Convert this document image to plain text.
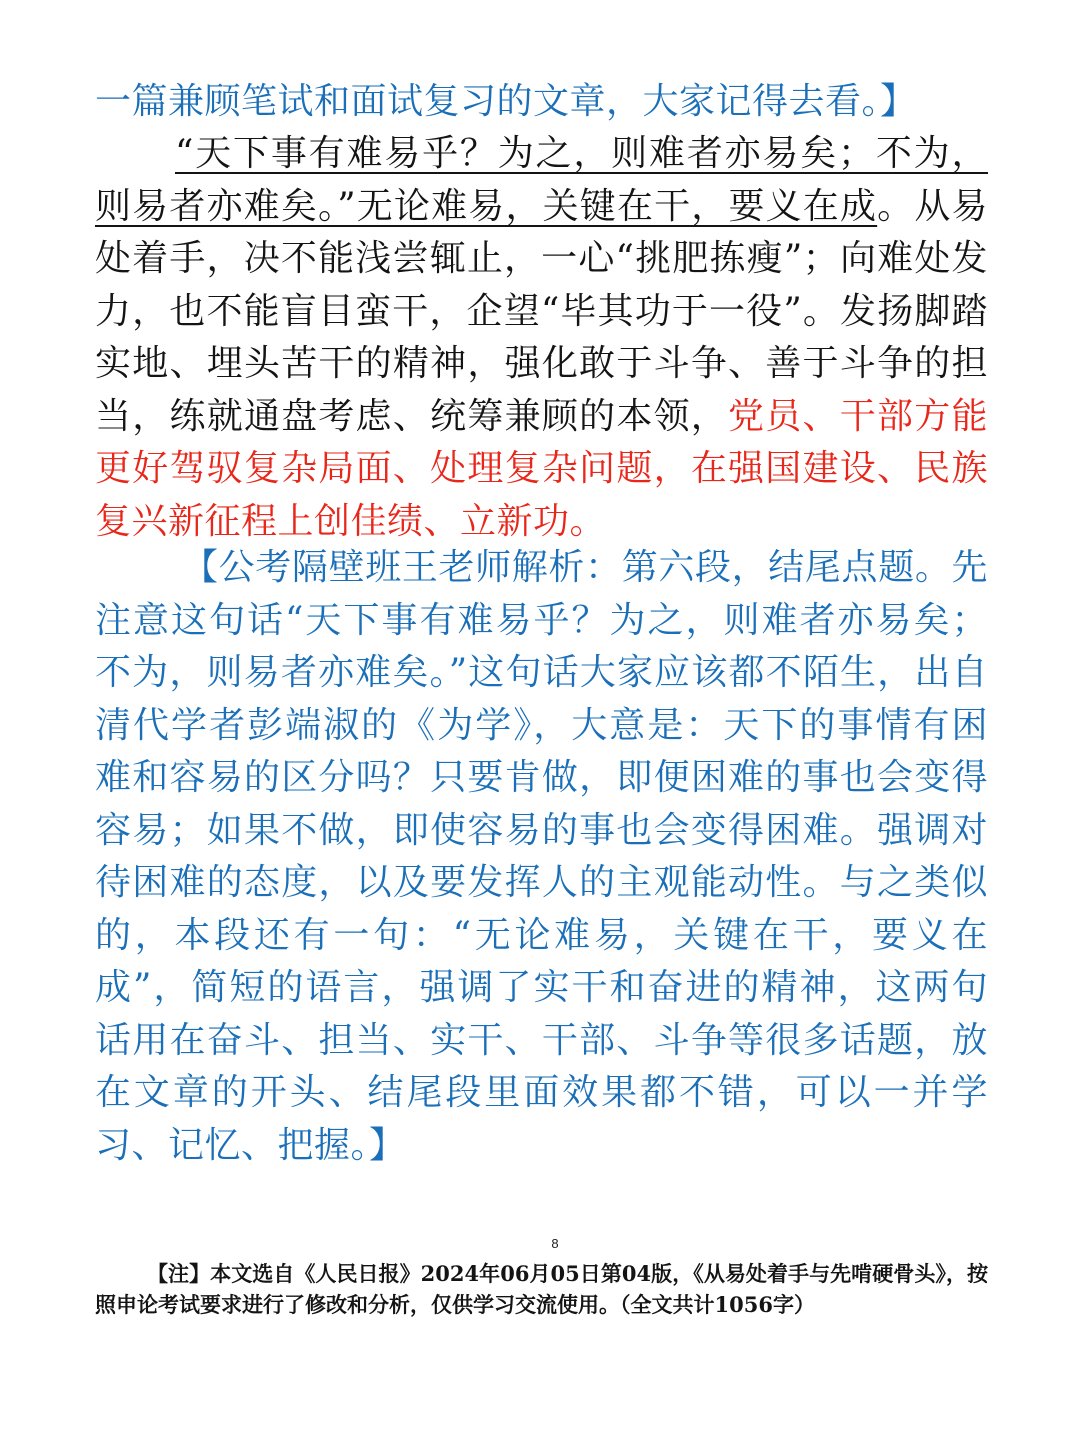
一篇兼顾笔试和面试复习的文章，大家记得去看。】

“天下事有难易乎？为之，则难者亦易矣；不为，则易者亦难矣。”无论难易，关键在干，要义在成。从易处着手，决不能浅尝辄止，一心“挑肥拣瘦”；向难处发力，也不能盲目蛮干，企望“毕其功于一役”。发扬脚踏实地、埋头苦干的精神，强化敢于斗争、善于斗争的担当，练就通盘考虑、统筹兼顾的本领，党员、干部方能更好驾驭复杂局面、处理复杂问题，在强国建设、民族复兴新征程上创佳绩、立新功。

【公考隔壁班王老师解析：第六段，结尾点题。先注意这句话“天下事有难易乎？为之，则难者亦易矣；不为，则易者亦难矣。”这句话大家应该都不陌生，出自清代学者彭端淑的《为学》，大意是：天下的事情有困难和容易的区分吗？只要肯做，即便困难的事也会变得容易；如果不做，即使容易的事也会变得困难。强调对待困难的态度，以及要发挥人的主观能动性。与之类似的，本段还有一句：“无论难易，关键在干，要义在成”，简短的语言，强调了实干和奋进的精神，这两句话用在奋斗、担当、实干、干部、斗争等很多话题，放在文章的开头、结尾段里面效果都不错，可以一并学习、记忆、把握。】

8

【注】本文选自《人民日报》2024年06月05日第04版，《从易处着手与先啃硬骨头》，按照申论考试要求进行了修改和分析，仅供学习交流使用。（全文共计1056字）
